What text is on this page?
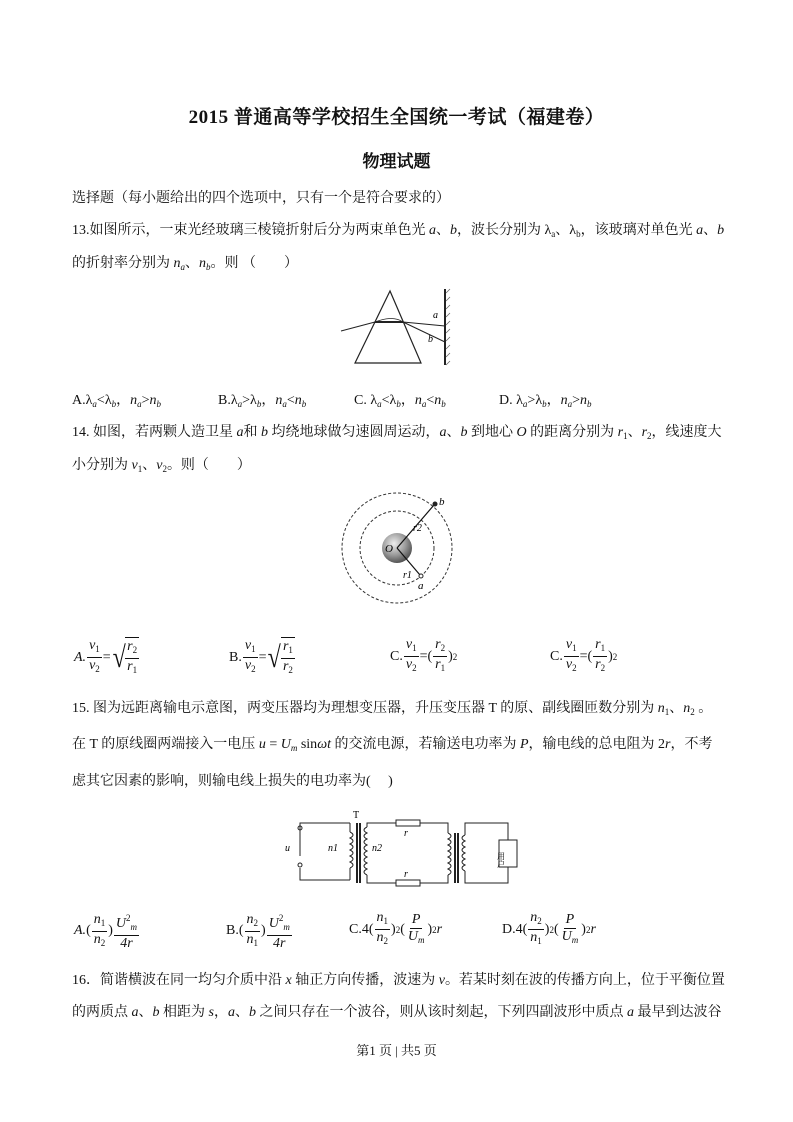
2015 普通高等学校招生全国统一考试（福建卷）
物理试题
选择题（每小题给出的四个选项中，只有一个是符合要求的）
13.如图所示，一束光经玻璃三棱镜折射后分为两束单色光 a、b，波长分别为 $\lambda_a$、$\lambda_b$，该玻璃对单色光 a、b
的折射率分别为 $n_a$、$n_b$。则 （　　）
a
b
$A.\lambda_a<\lambda_b$，$n_a>n_b$	$B.\lambda_a>\lambda_b$，$n_a<n_b$	C. $\lambda_a<\lambda_b$，$n_a<n_b$	D. $\lambda_a>\lambda_b$，$n_a>n_b$
14. 如图，若两颗人造卫星 a和 b 均绕地球做匀速圆周运动，a、b 到地心 O 的距离分别为 $r_1$、$r_2$，线速度大
小分别为 $v_1$、$v_2$。则（　　）
O
b
a
r2
r1
A. $\frac{v_1}{v_2}$ = √ $\frac{r_2}{r_1}$	B. $\frac{v_1}{v_2}$ = √ $\frac{r_1}{r_2}$	C. $\frac{v_1}{v_2}$ = ( $\frac{r_2}{r_1}$ ) 2	C. $\frac{v_1}{v_2}$ = ( $\frac{r_1}{r_2}$ ) 2
15. 图为远距离输电示意图，两变压器均为理想变压器，升压变压器 T 的原、副线圈匝数分别为 $n_1$、$n_2$ 。
在 T 的原线圈两端接入一电压 $u = U_m$ sinωt 的交流电源，若输送电功率为 P，输电线的总电阻为 2r，不考
虑其它因素的影响，则输电线上损失的电功率为(　 )
T
u	n1	n2
r
r
用户
A. ( $\frac{n_1}{n_2}$ ) $\frac{U^2_m}{4r}$	B. ( $\frac{n_2}{n_1}$ ) $\frac{U^2_m}{4r}$	C. 4 ( $\frac{n_1}{n_2}$ ) 2 ( $\frac{P}{U_m}$ ) 2 r	D. 4 ( $\frac{n_2}{n_1}$ ) 2 ( $\frac{P}{U_m}$ ) 2 r
16．简谐横波在同一均匀介质中沿 x 轴正方向传播，波速为 v。若某时刻在波的传播方向上，位于平衡位置
的两质点 a、b 相距为 s，a、b 之间只存在一个波谷，则从该时刻起，下列四副波形中质点 a 最早到达波谷
第1 页 | 共5 页
